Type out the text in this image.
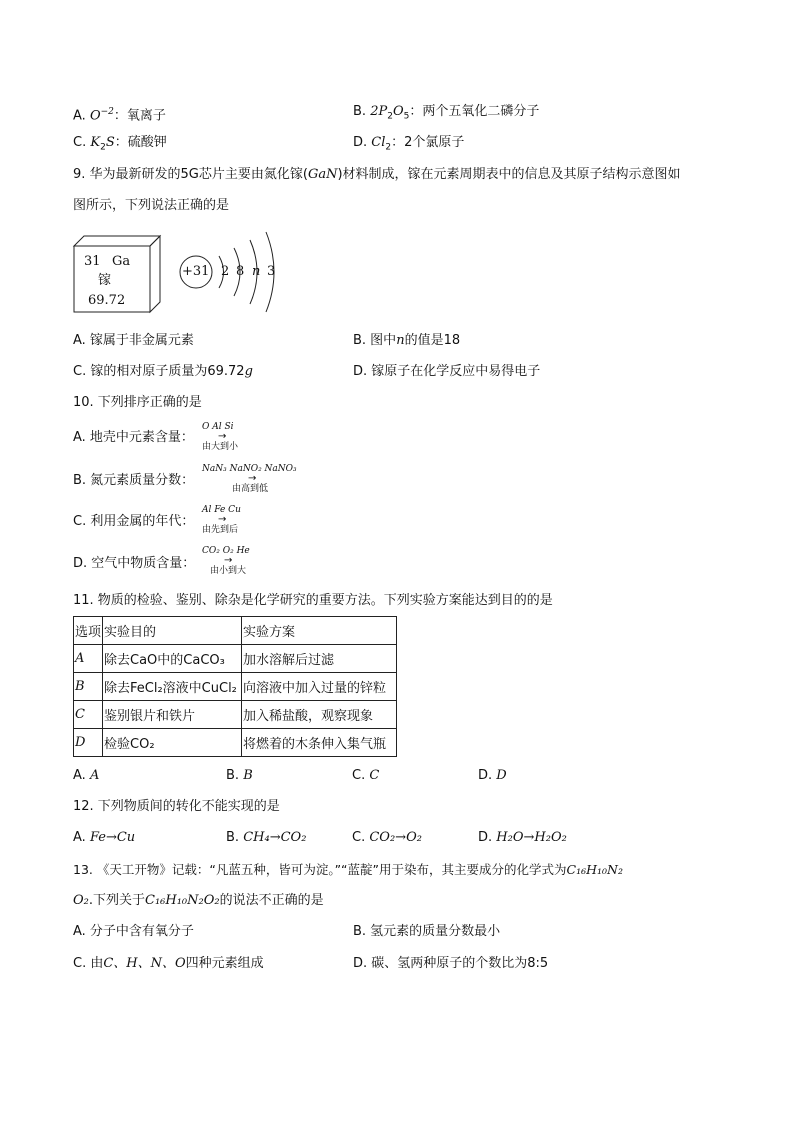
A. $O^{-2}$：氧离子	B. $2P_2O_5$：两个五氧化二磷分子
C. $K_2S$：硫酸钾	D. $Cl_2$：2个氯原子
9. 华为最新研发的5G芯片主要由氮化镓(GaN)材料制成，镓在元素周期表中的信息及其原子结构示意图如
图所示，下列说法正确的是
31 Ga
镓
69.72
+31 2 8 n 3
A. 镓属于非金属元素	B. 图中n的值是18
C. 镓的相对原子质量为69.72g	D. 镓原子在化学反应中易得电子
10. 下列排序正确的是
A. 地壳中元素含量：
O Al Si
→
由大到小
B. 氮元素质量分数：
NaN₃ NaNO₂ NaNO₃
→
由高到低
C. 利用金属的年代：
Al Fe Cu
→
由先到后
D. 空气中物质含量：
CO₂ O₂ He
→
由小到大
11. 物质的检验、鉴别、除杂是化学研究的重要方法。下列实验方案能达到目的的是
选项	实验目的	实验方案
A	除去CaO中的CaCO₃	加水溶解后过滤
B	除去FeCl₂溶液中CuCl₂	向溶液中加入过量的锌粒
C	鉴别银片和铁片	加入稀盐酸，观察现象
D	检验CO₂	将燃着的木条伸入集气瓶
A. A	B. B	C. C	D. D
12. 下列物质间的转化不能实现的是
A. Fe→Cu	B. CH₄→CO₂	C. CO₂→O₂	D. H₂O→H₂O₂
13. 《天工开物》记载：“凡蓝五种，皆可为淀。”“蓝靛”用于染布，其主要成分的化学式为C₁₆H₁₀N₂
O₂.下列关于C₁₆H₁₀N₂O₂的说法不正确的是
A. 分子中含有氧分子	B. 氢元素的质量分数最小
C. 由C、H、N、O四种元素组成	D. 碳、氢两种原子的个数比为8:5
